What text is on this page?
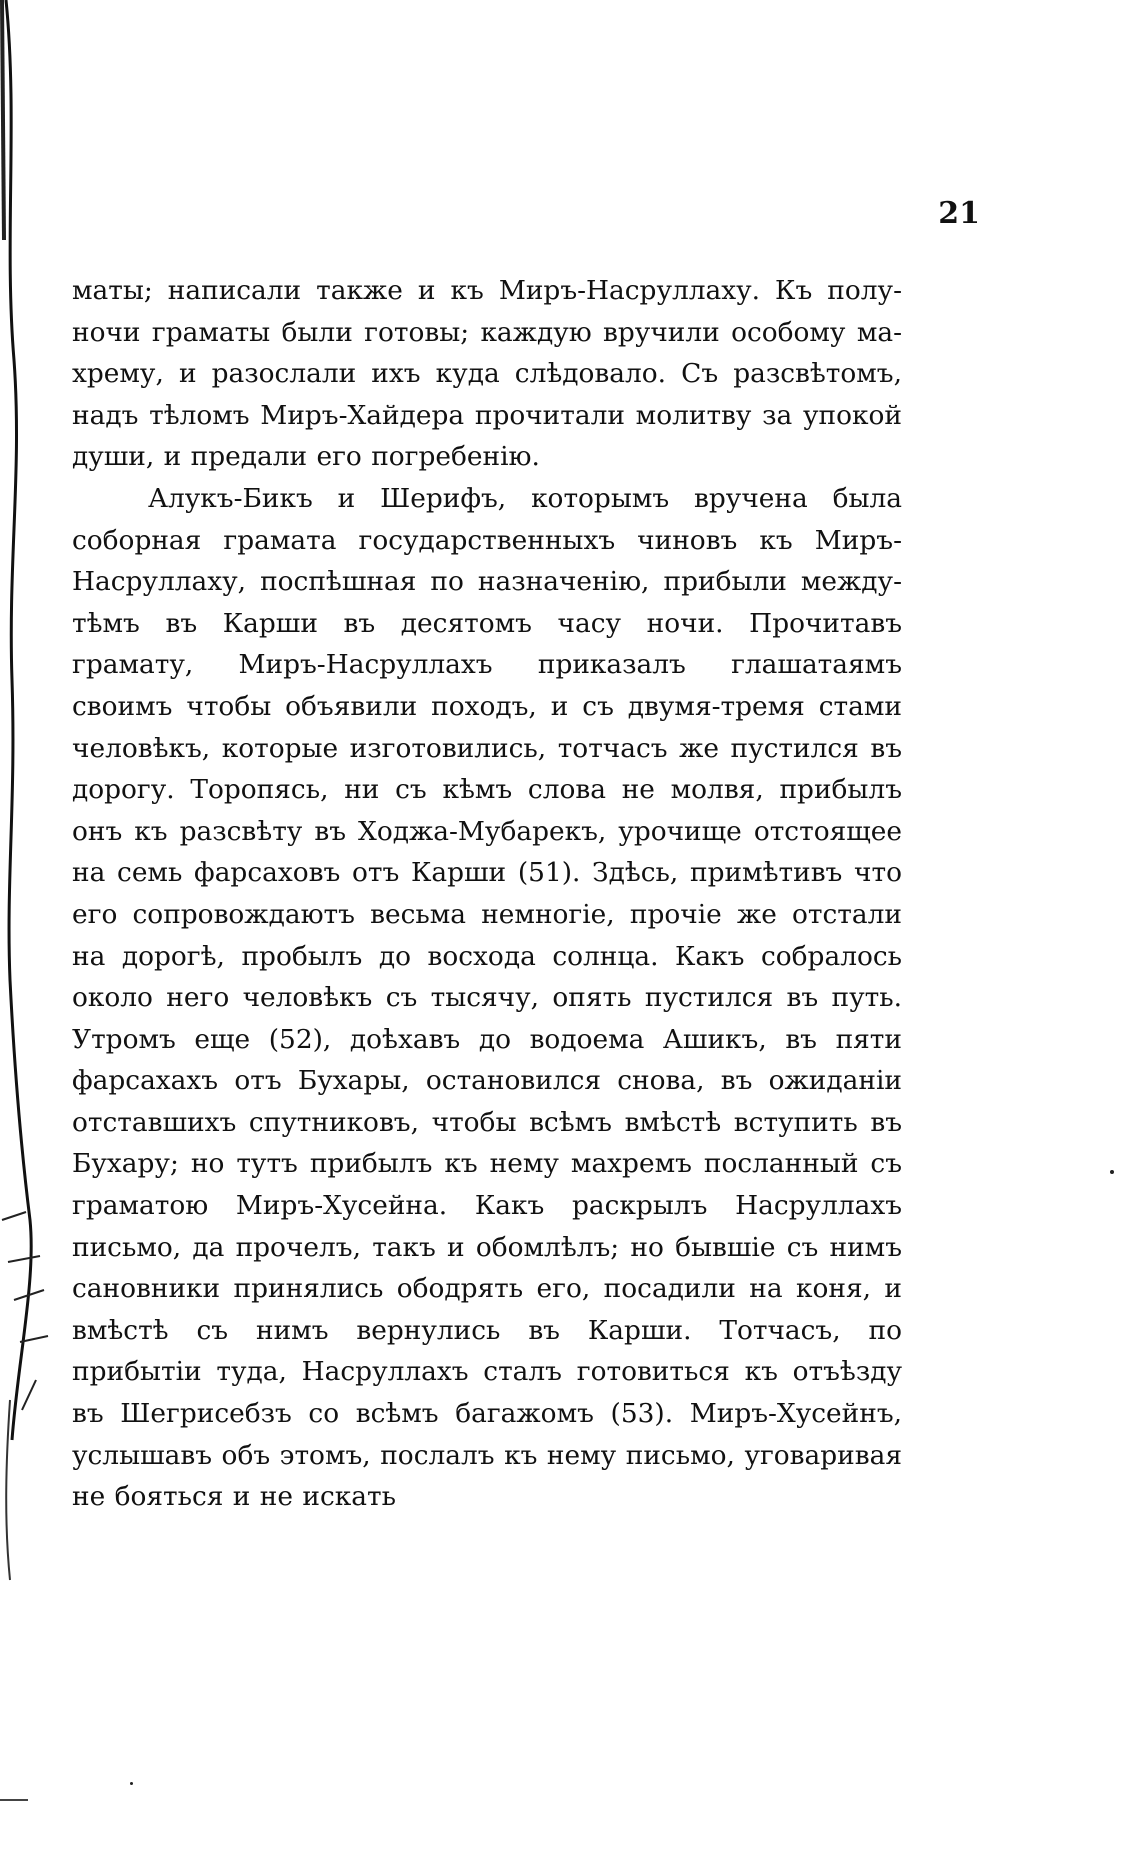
21

маты; написали также и къ Миръ-Насруллаху. Къ полуночи граматы были готовы; каждую вручили особому махрему, и разослали ихъ куда слѣдовало. Съ разсвѣтомъ, надъ тѣломъ Миръ-Хайдера прочитали молитву за упокой души, и предали его погребенію.

Алукъ-Бикъ и Шерифъ, которымъ вручена была соборная грамата государственныхъ чиновъ къ Миръ-Насруллаху, поспѣшная по назначенію, прибыли между-тѣмъ въ Карши въ десятомъ часу ночи. Прочитавъ грамату, Миръ-Насруллахъ приказалъ глашатаямъ своимъ чтобы объявили походъ, и съ двумя-тремя стами человѣкъ, которые изготовились, тотчасъ же пустился въ дорогу. Торопясь, ни съ кѣмъ слова не молвя, прибылъ онъ къ разсвѣту въ Ходжа-Мубарекъ, урочище отстоящее на семь фарсаховъ отъ Карши (51). Здѣсь, примѣтивъ что его сопровождаютъ весьма немногіе, прочіе же отстали на дорогѣ, пробылъ до восхода солнца. Какъ собралось около него человѣкъ съ тысячу, опять пустился въ путь. Утромъ еще (52), доѣхавъ до водоема Ашикъ, въ пяти фарсахахъ отъ Бухары, остановился снова, въ ожиданіи отставшихъ спутниковъ, чтобы всѣмъ вмѣстѣ вступить въ Бухару; но тутъ прибылъ къ нему махремъ посланный съ граматою Миръ-Хусейна. Какъ раскрылъ Насруллахъ письмо, да прочелъ, такъ и обомлѣлъ; но бывшіе съ нимъ сановники принялись ободрять его, посадили на коня, и вмѣстѣ съ нимъ вернулись въ Карши. Тотчасъ, по прибытіи туда, Насруллахъ сталъ готовиться къ отъѣзду въ Шегрисебзъ со всѣмъ багажомъ (53). Миръ-Хусейнъ, услышавъ объ этомъ, послалъ къ нему письмо, уговаривая не бояться и не искать
